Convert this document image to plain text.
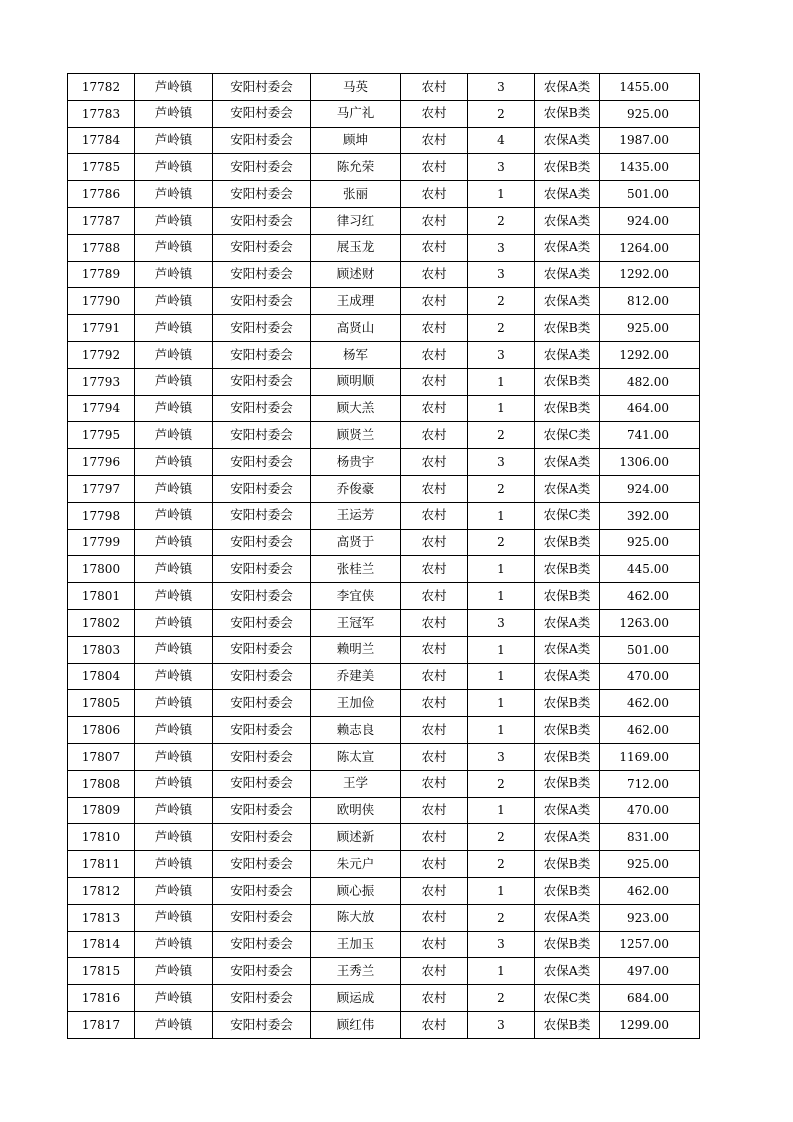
17782	芦岭镇	安阳村委会	马英	农村	3	农保A类	1455.00
17783	芦岭镇	安阳村委会	马广礼	农村	2	农保B类	925.00
17784	芦岭镇	安阳村委会	顾坤	农村	4	农保A类	1987.00
17785	芦岭镇	安阳村委会	陈允荣	农村	3	农保B类	1435.00
17786	芦岭镇	安阳村委会	张丽	农村	1	农保A类	501.00
17787	芦岭镇	安阳村委会	律习红	农村	2	农保A类	924.00
17788	芦岭镇	安阳村委会	展玉龙	农村	3	农保A类	1264.00
17789	芦岭镇	安阳村委会	顾述财	农村	3	农保A类	1292.00
17790	芦岭镇	安阳村委会	王成理	农村	2	农保A类	812.00
17791	芦岭镇	安阳村委会	高贤山	农村	2	农保B类	925.00
17792	芦岭镇	安阳村委会	杨军	农村	3	农保A类	1292.00
17793	芦岭镇	安阳村委会	顾明顺	农村	1	农保B类	482.00
17794	芦岭镇	安阳村委会	顾大羔	农村	1	农保B类	464.00
17795	芦岭镇	安阳村委会	顾贤兰	农村	2	农保C类	741.00
17796	芦岭镇	安阳村委会	杨贵宇	农村	3	农保A类	1306.00
17797	芦岭镇	安阳村委会	乔俊豪	农村	2	农保A类	924.00
17798	芦岭镇	安阳村委会	王运芳	农村	1	农保C类	392.00
17799	芦岭镇	安阳村委会	高贤于	农村	2	农保B类	925.00
17800	芦岭镇	安阳村委会	张桂兰	农村	1	农保B类	445.00
17801	芦岭镇	安阳村委会	李宜侠	农村	1	农保B类	462.00
17802	芦岭镇	安阳村委会	王冠军	农村	3	农保A类	1263.00
17803	芦岭镇	安阳村委会	赖明兰	农村	1	农保A类	501.00
17804	芦岭镇	安阳村委会	乔建美	农村	1	农保A类	470.00
17805	芦岭镇	安阳村委会	王加俭	农村	1	农保B类	462.00
17806	芦岭镇	安阳村委会	赖志良	农村	1	农保B类	462.00
17807	芦岭镇	安阳村委会	陈太宣	农村	3	农保B类	1169.00
17808	芦岭镇	安阳村委会	王学	农村	2	农保B类	712.00
17809	芦岭镇	安阳村委会	欧明侠	农村	1	农保A类	470.00
17810	芦岭镇	安阳村委会	顾述新	农村	2	农保A类	831.00
17811	芦岭镇	安阳村委会	朱元户	农村	2	农保B类	925.00
17812	芦岭镇	安阳村委会	顾心振	农村	1	农保B类	462.00
17813	芦岭镇	安阳村委会	陈大放	农村	2	农保A类	923.00
17814	芦岭镇	安阳村委会	王加玉	农村	3	农保B类	1257.00
17815	芦岭镇	安阳村委会	王秀兰	农村	1	农保A类	497.00
17816	芦岭镇	安阳村委会	顾运成	农村	2	农保C类	684.00
17817	芦岭镇	安阳村委会	顾红伟	农村	3	农保B类	1299.00
